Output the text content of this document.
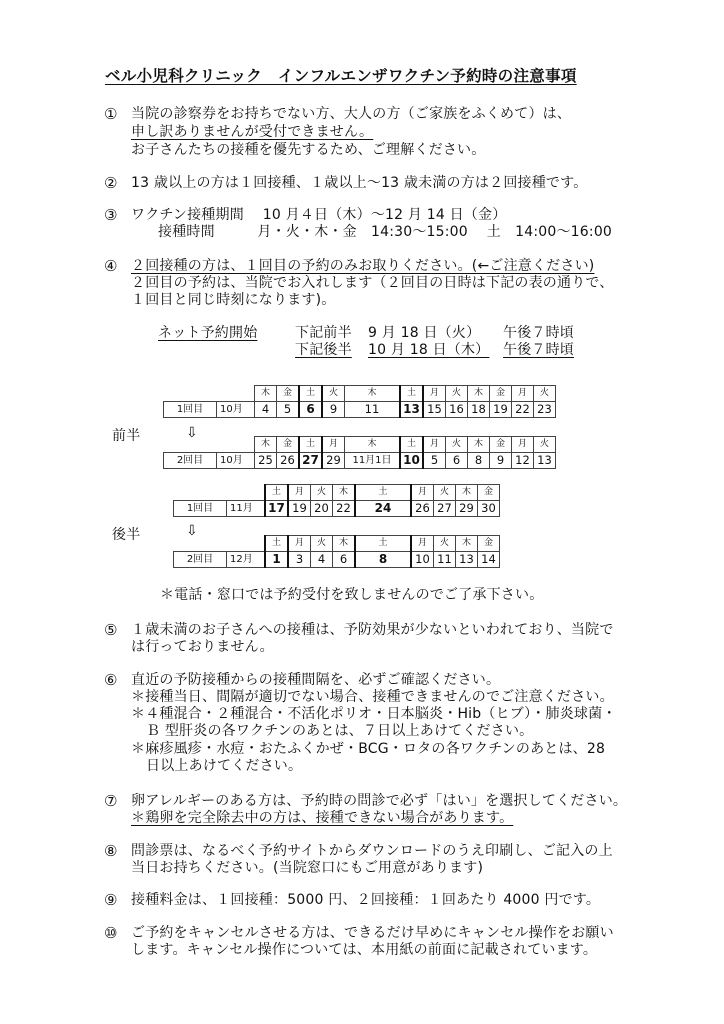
ベル小児科クリニック　インフルエンザワクチン予約時の注意事項
① 当院の診察券をお持ちでない方、大人の方（ご家族をふくめて）は、
申し訳ありませんが受付できません。
お子さんたちの接種を優先するため、ご理解ください。
② 13 歳以上の方は１回接種、１歳以上～13 歳未満の方は２回接種です。
③ ワクチン接種期間　 10 月４日（木）～12 月 14 日（金）
接種時間　　　月・火・木・金　14:30～15:00　 土　14:00～16:00
④ ２回接種の方は、１回目の予約のみお取りください。(←ご注意ください)
２回目の予約は、当院でお入れします（２回目の日時は下記の表の通りで、
１回目と同じ時刻になります)。
ネット予約開始	下記前半 9 月 18 日（火） 午後７時頃
下記後半 10 月 18 日（木） 午後７時頃
前半	⇩
		木	金	土	火	木	土	月	火	木	金	月	火
1回目	10月	4	5	6	9	11	13	15	16	18	19	22	23
		木	金	土	月	木	土	月	火	木	金	月	火
2回目	10月	25	26	27	29	11月1日	10	5	6	8	9	12	13
後半	⇩
		土	月	火	木	土	月	火	木	金
1回目	11月	17	19	20	22	24	26	27	29	30
		土	月	火	木	土	月	火	木	金
2回目	12月	1	3	4	6	8	10	11	13	14
＊電話・窓口では予約受付を致しませんのでご了承下さい。
⑤ １歳未満のお子さんへの接種は、予防効果が少ないといわれており、当院で
は行っておりません。
⑥ 直近の予防接種からの接種間隔を、必ずご確認ください。
＊接種当日、間隔が適切でない場合、接種できませんのでご注意ください。
＊４種混合・２種混合・不活化ポリオ・日本脳炎・Hib（ヒブ）・肺炎球菌・
Ｂ 型肝炎の各ワクチンのあとは、７日以上あけてください。
＊麻疹風疹・水痘・おたふくかぜ・BCG・ロタの各ワクチンのあとは、28
日以上あけてください。
⑦ 卵アレルギーのある方は、予約時の問診で必ず「はい」を選択してください。
＊鶏卵を完全除去中の方は、接種できない場合があります。
⑧ 問診票は、なるべく予約サイトからダウンロードのうえ印刷し、ご記入の上
当日お持ちください。(当院窓口にもご用意があります)
⑨ 接種料金は、１回接種：5000 円、２回接種：１回あたり 4000 円です。
⑩ ご予約をキャンセルさせる方は、できるだけ早めにキャンセル操作をお願い
します。キャンセル操作については、本用紙の前面に記載されています。
